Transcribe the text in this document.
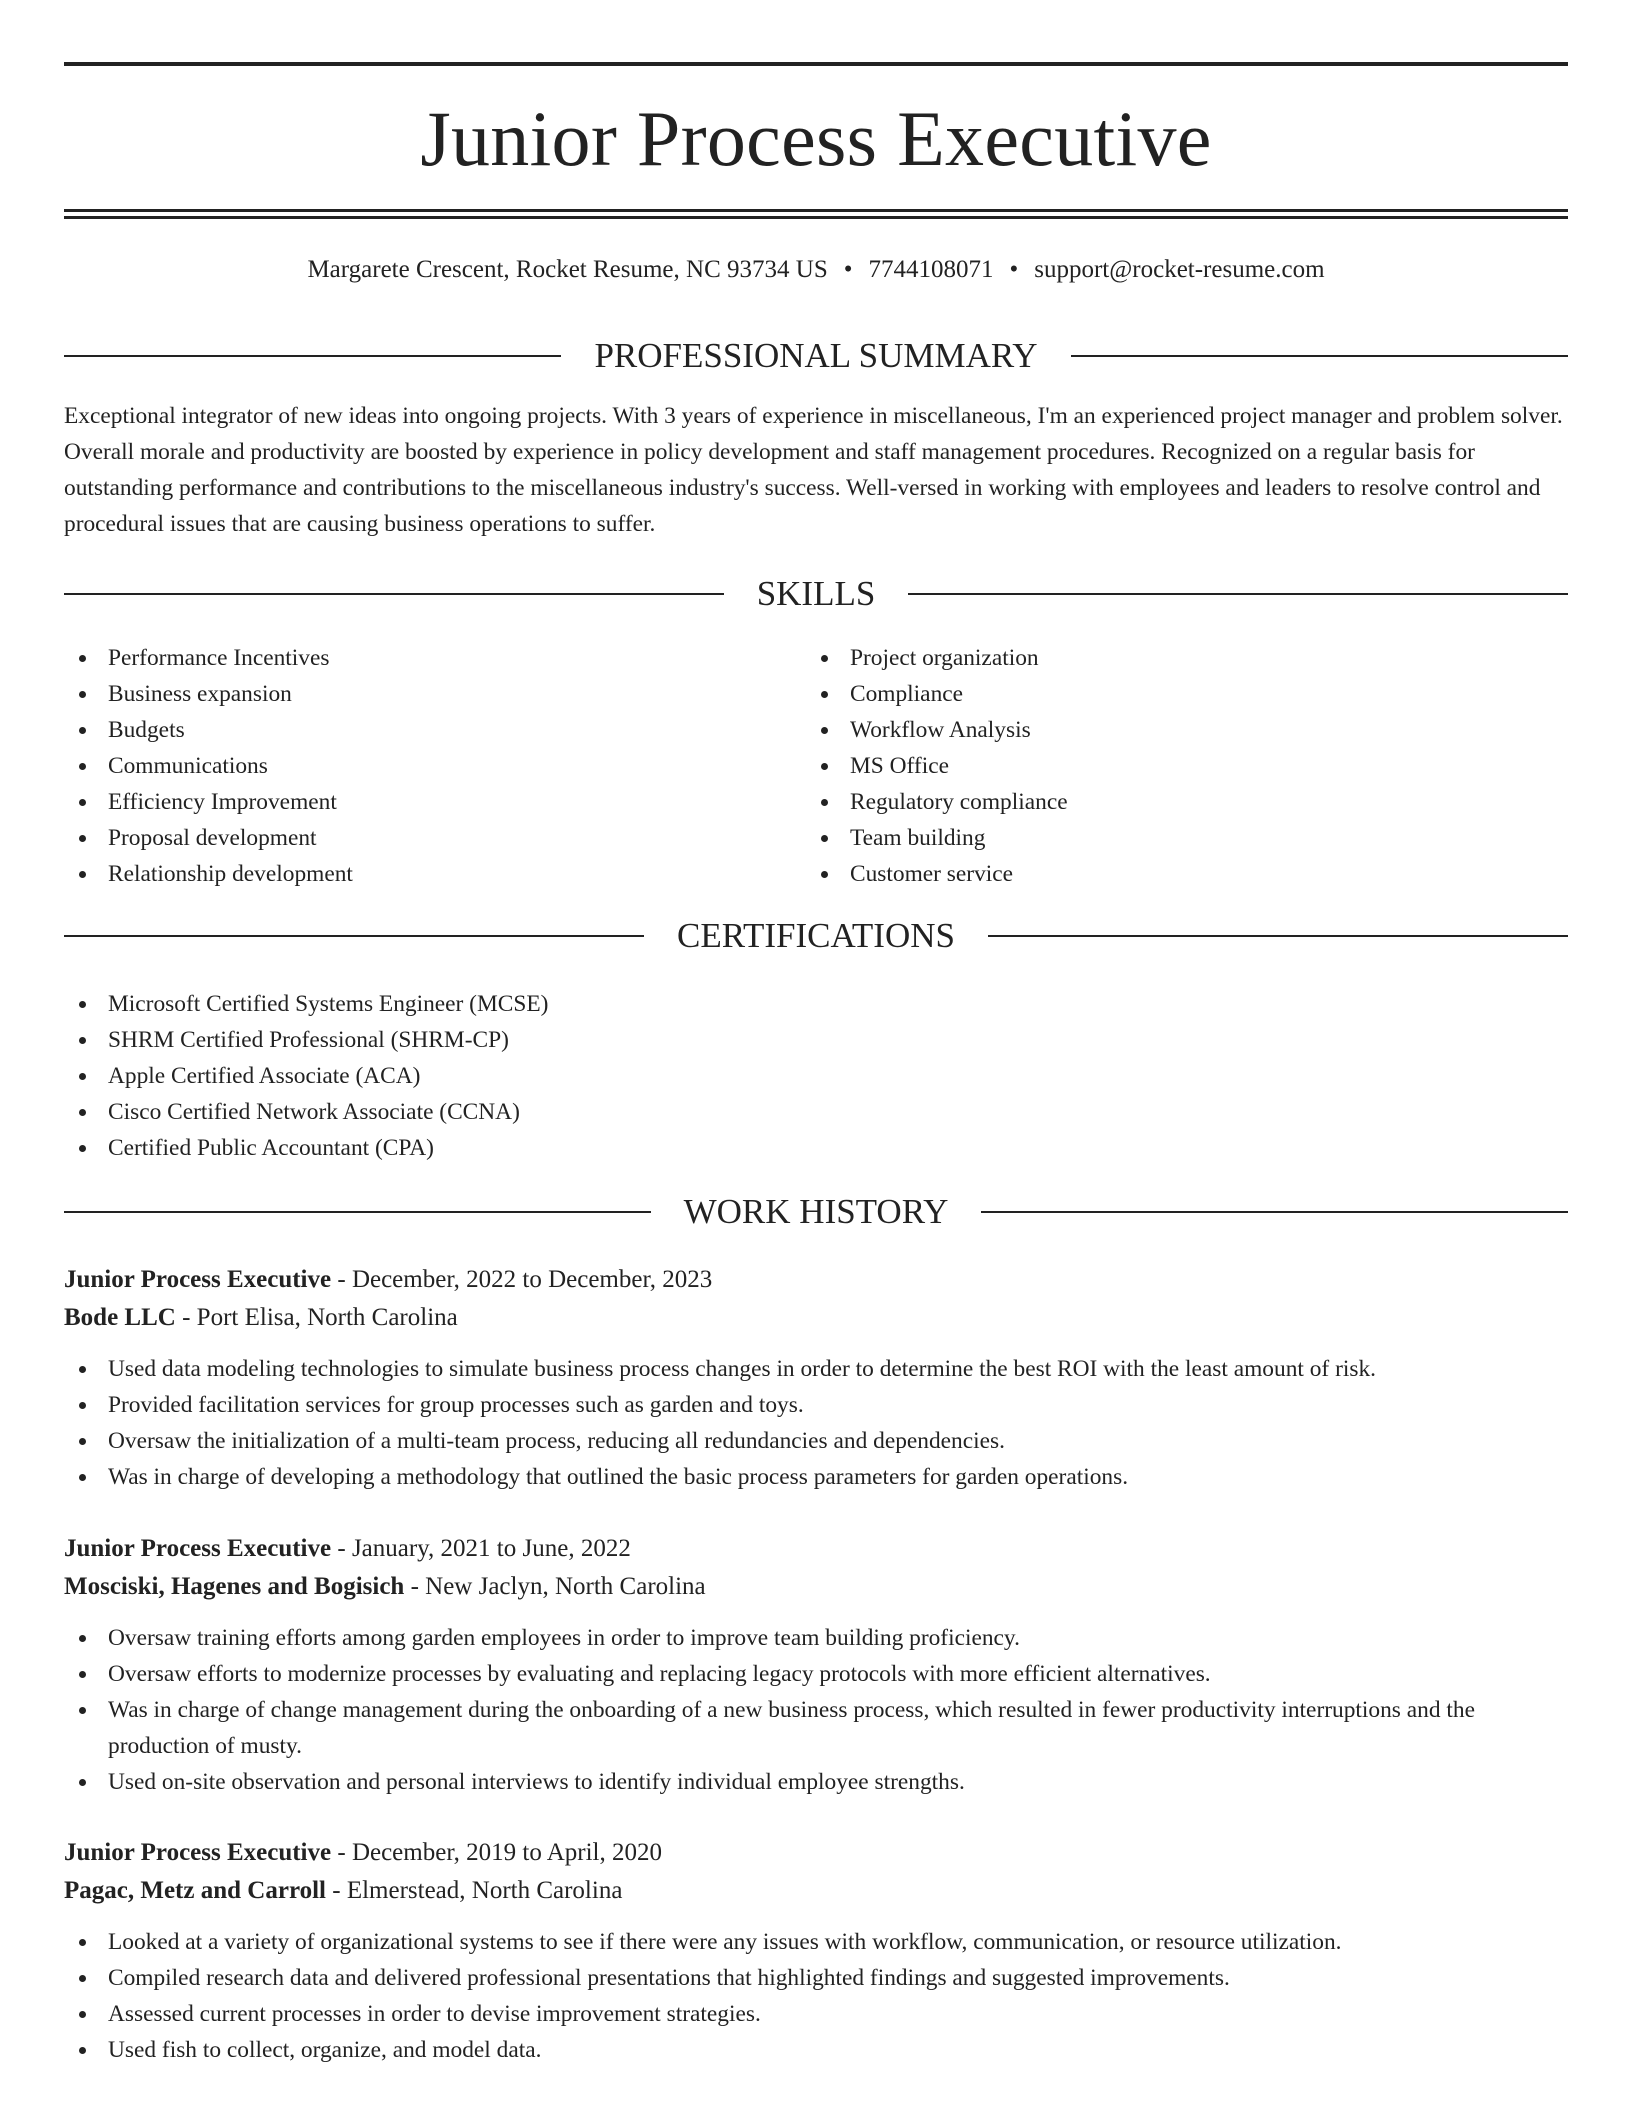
Junior Process Executive
Margarete Crescent, Rocket Resume, NC 93734 US • 7744108071 • support@rocket-resume.com
PROFESSIONAL SUMMARY

Exceptional integrator of new ideas into ongoing projects. With 3 years of experience in miscellaneous, I'm an experienced project manager and problem solver. Overall morale and productivity are boosted by experience in policy development and staff management procedures. Recognized on a regular basis for outstanding performance and contributions to the miscellaneous industry's success. Well-versed in working with employees and leaders to resolve control and procedural issues that are causing business operations to suffer.

SKILLS
Performance Incentives
Business expansion
Budgets
Communications
Efficiency Improvement
Proposal development
Relationship development
Project organization
Compliance
Workflow Analysis
MS Office
Regulatory compliance
Team building
Customer service
CERTIFICATIONS
Microsoft Certified Systems Engineer (MCSE)
SHRM Certified Professional (SHRM-CP)
Apple Certified Associate (ACA)
Cisco Certified Network Associate (CCNA)
Certified Public Accountant (CPA)
WORK HISTORY
Junior Process Executive - December, 2022 to December, 2023
Bode LLC - Port Elisa, North Carolina
Used data modeling technologies to simulate business process changes in order to determine the best ROI with the least amount of risk.
Provided facilitation services for group processes such as garden and toys.
Oversaw the initialization of a multi-team process, reducing all redundancies and dependencies.
Was in charge of developing a methodology that outlined the basic process parameters for garden operations.
Junior Process Executive - January, 2021 to June, 2022
Mosciski, Hagenes and Bogisich - New Jaclyn, North Carolina
Oversaw training efforts among garden employees in order to improve team building proficiency.
Oversaw efforts to modernize processes by evaluating and replacing legacy protocols with more efficient alternatives.
Was in charge of change management during the onboarding of a new business process, which resulted in fewer productivity interruptions and the production of musty.
Used on-site observation and personal interviews to identify individual employee strengths.
Junior Process Executive - December, 2019 to April, 2020
Pagac, Metz and Carroll - Elmerstead, North Carolina
Looked at a variety of organizational systems to see if there were any issues with workflow, communication, or resource utilization.
Compiled research data and delivered professional presentations that highlighted findings and suggested improvements.
Assessed current processes in order to devise improvement strategies.
Used fish to collect, organize, and model data.
